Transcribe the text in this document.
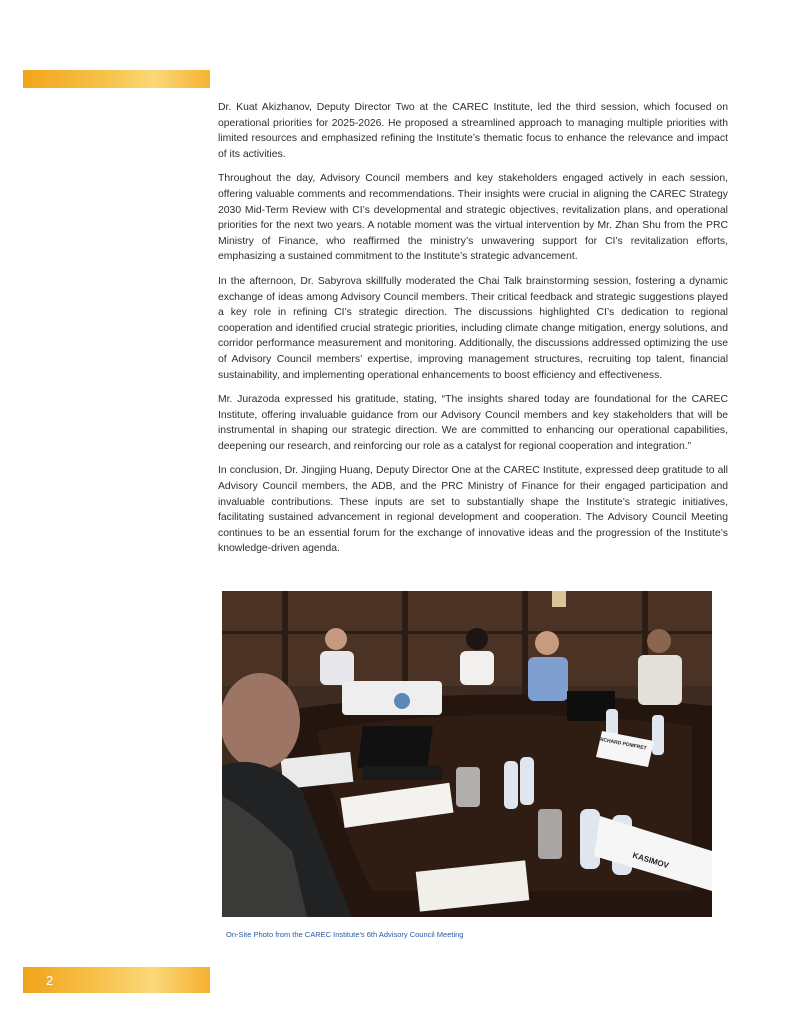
Dr. Kuat Akizhanov, Deputy Director Two at the CAREC Institute, led the third session, which focused on operational priorities for 2025-2026. He proposed a streamlined approach to managing multiple priorities with limited resources and emphasized refining the Institute’s thematic focus to enhance the relevance and impact of its activities.

Throughout the day, Advisory Council members and key stakeholders engaged actively in each session, offering valuable comments and recommendations. Their insights were crucial in aligning the CAREC Strategy 2030 Mid-Term Review with CI’s developmental and strategic objectives, revitalization plans, and operational priorities for the next two years. A notable moment was the virtual intervention by Mr. Zhan Shu from the PRC Ministry of Finance, who reaffirmed the ministry’s unwavering support for CI’s revitalization efforts, emphasizing a sustained commitment to the Institute’s strategic advancement.

In the afternoon, Dr. Sabyrova skillfully moderated the Chai Talk brainstorming session, fostering a dynamic exchange of ideas among Advisory Council members. Their critical feedback and strategic suggestions played a key role in refining CI’s strategic direction. The discussions highlighted CI’s dedication to regional cooperation and identified crucial strategic priorities, including climate change mitigation, energy solutions, and corridor performance measurement and monitoring. Additionally, the discussions addressed optimizing the use of Advisory Council members’ expertise, improving management structures, recruiting top talent, financial sustainability, and implementing operational enhancements to boost efficiency and effectiveness.

Mr. Jurazoda expressed his gratitude, stating, “The insights shared today are foundational for the CAREC Institute, offering invaluable guidance from our Advisory Council members and key stakeholders that will be instrumental in shaping our strategic direction. We are committed to enhancing our operational capabilities, deepening our research, and reinforcing our role as a catalyst for regional cooperation and integration.”

In conclusion, Dr. Jingjing Huang, Deputy Director One at the CAREC Institute, expressed deep gratitude to all Advisory Council members, the ADB, and the PRC Ministry of Finance for their engaged participation and invaluable contributions. These inputs are set to substantially shape the Institute’s strategic initiatives, facilitating sustained advancement in regional development and cooperation. The Advisory Council Meeting continues to be an essential forum for the exchange of innovative ideas and the progression of the Institute’s knowledge-driven agenda.

RICHARD POMFRET
KASIMOV
On-Site Photo from the CAREC Institute’s 6th Advisory Council Meeting
2
